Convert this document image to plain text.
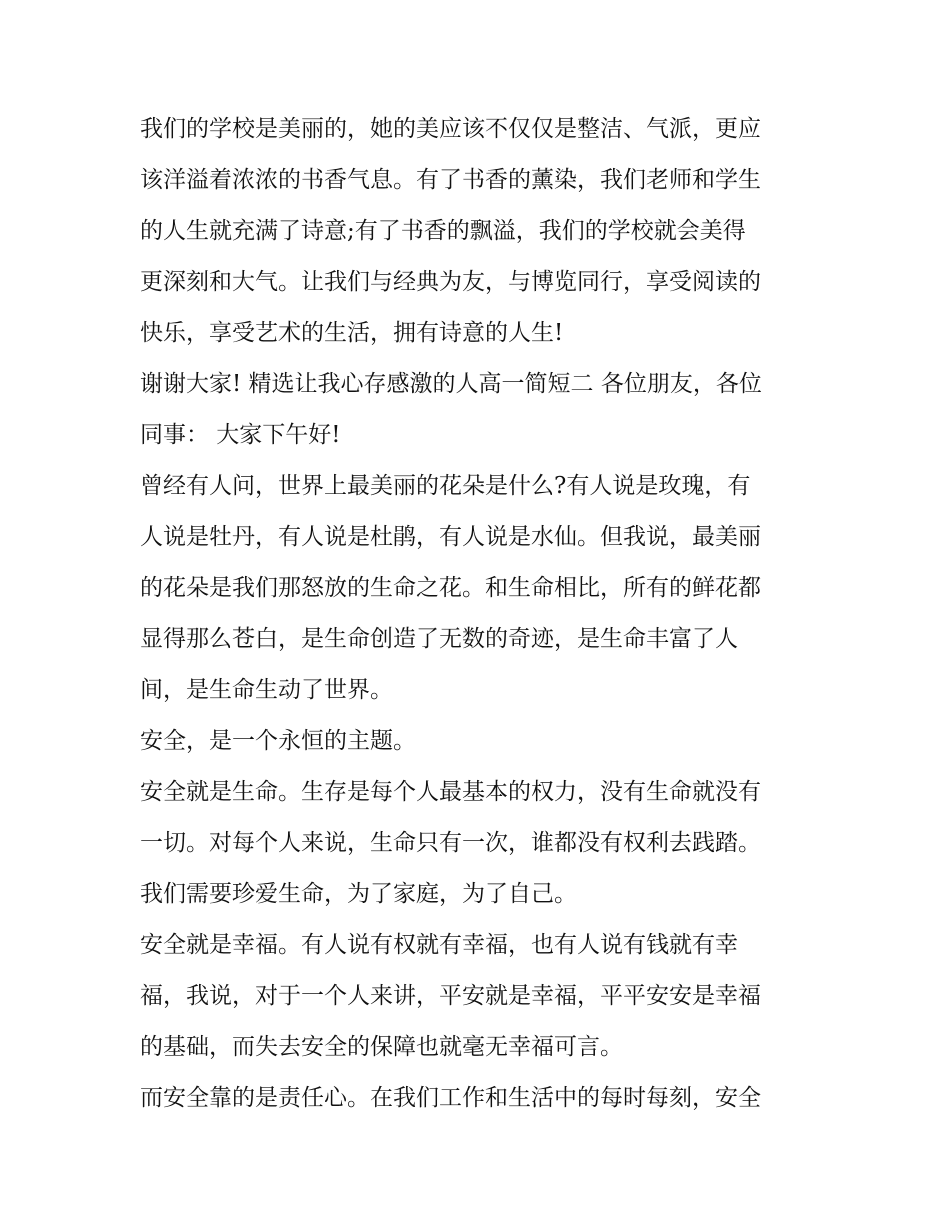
我们的学校是美丽的，她的美应该不仅仅是整洁、气派，更应
该洋溢着浓浓的书香气息。有了书香的薰染，我们老师和学生
的人生就充满了诗意;有了书香的飘溢，我们的学校就会美得
更深刻和大气。让我们与经典为友，与博览同行，享受阅读的
快乐，享受艺术的生活，拥有诗意的人生!
谢谢大家! 精选让我心存感激的人高一简短二 各位朋友，各位
同事： 大家下午好!
曾经有人问，世界上最美丽的花朵是什么?有人说是玫瑰，有
人说是牡丹，有人说是杜鹃，有人说是水仙。但我说，最美丽
的花朵是我们那怒放的生命之花。和生命相比，所有的鲜花都
显得那么苍白，是生命创造了无数的奇迹，是生命丰富了人
间，是生命生动了世界。
安全，是一个永恒的主题。
安全就是生命。生存是每个人最基本的权力，没有生命就没有
一切。对每个人来说，生命只有一次，谁都没有权利去践踏。
我们需要珍爱生命，为了家庭，为了自己。
安全就是幸福。有人说有权就有幸福，也有人说有钱就有幸
福，我说，对于一个人来讲，平安就是幸福，平平安安是幸福
的基础，而失去安全的保障也就毫无幸福可言。
而安全靠的是责任心。在我们工作和生活中的每时每刻，安全
